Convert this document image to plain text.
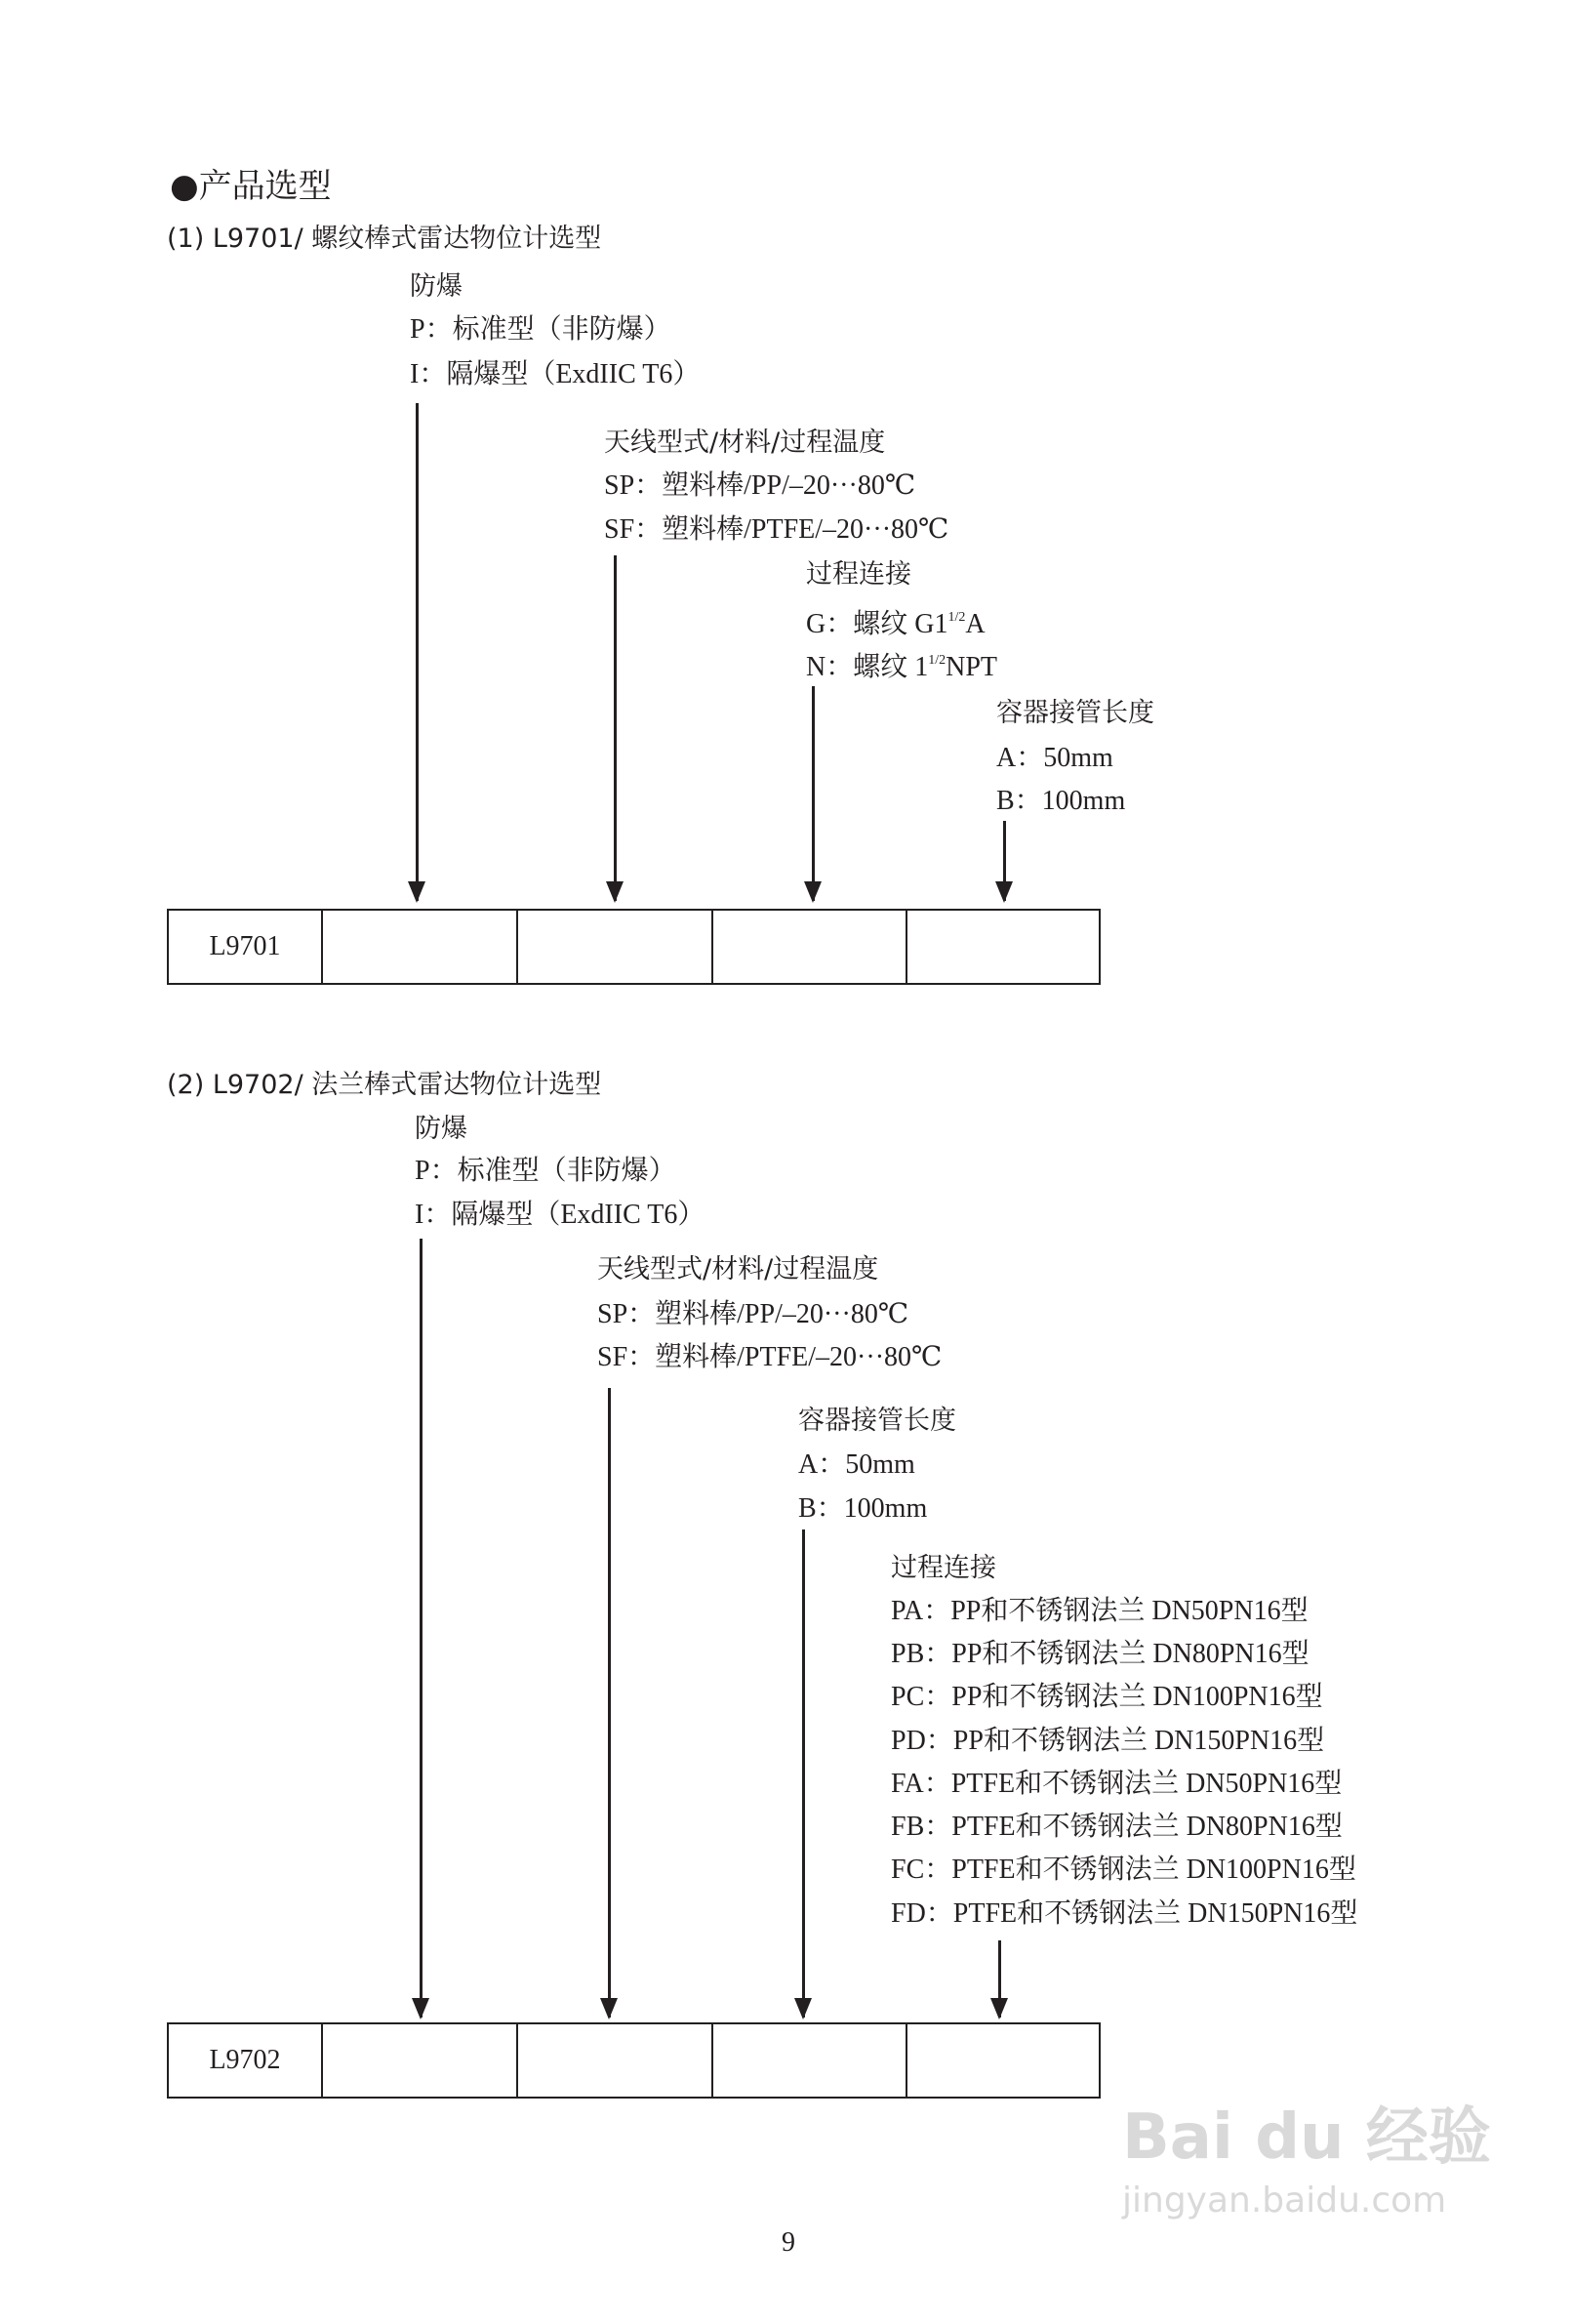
●产品选型
(1) L9701/ 螺纹棒式雷达物位计选型
防爆
P：标准型（非防爆）
I：隔爆型（ExdIIC T6）
天线型式/材料/过程温度
SP：塑料棒/PP/–20···80℃
SF：塑料棒/PTFE/–20···80℃
过程连接
G：螺纹 $G1^{1/2}A$
N：螺纹 $1^{1/2}NPT$
容器接管长度
A：50mm
B：100mm
L9701
(2) L9702/ 法兰棒式雷达物位计选型
防爆
P：标准型（非防爆）
I：隔爆型（ExdIIC T6）
天线型式/材料/过程温度
SP：塑料棒/PP/–20···80℃
SF：塑料棒/PTFE/–20···80℃
容器接管长度
A：50mm
B：100mm
过程连接
PA：PP和不锈钢法兰 DN50PN16型
PB：PP和不锈钢法兰 DN80PN16型
PC：PP和不锈钢法兰 DN100PN16型
PD：PP和不锈钢法兰 DN150PN16型
FA：PTFE和不锈钢法兰 DN50PN16型
FB：PTFE和不锈钢法兰 DN80PN16型
FC：PTFE和不锈钢法兰 DN100PN16型
FD：PTFE和不锈钢法兰 DN150PN16型
L9702
9
Bai du 经验
jingyan.baidu.com
